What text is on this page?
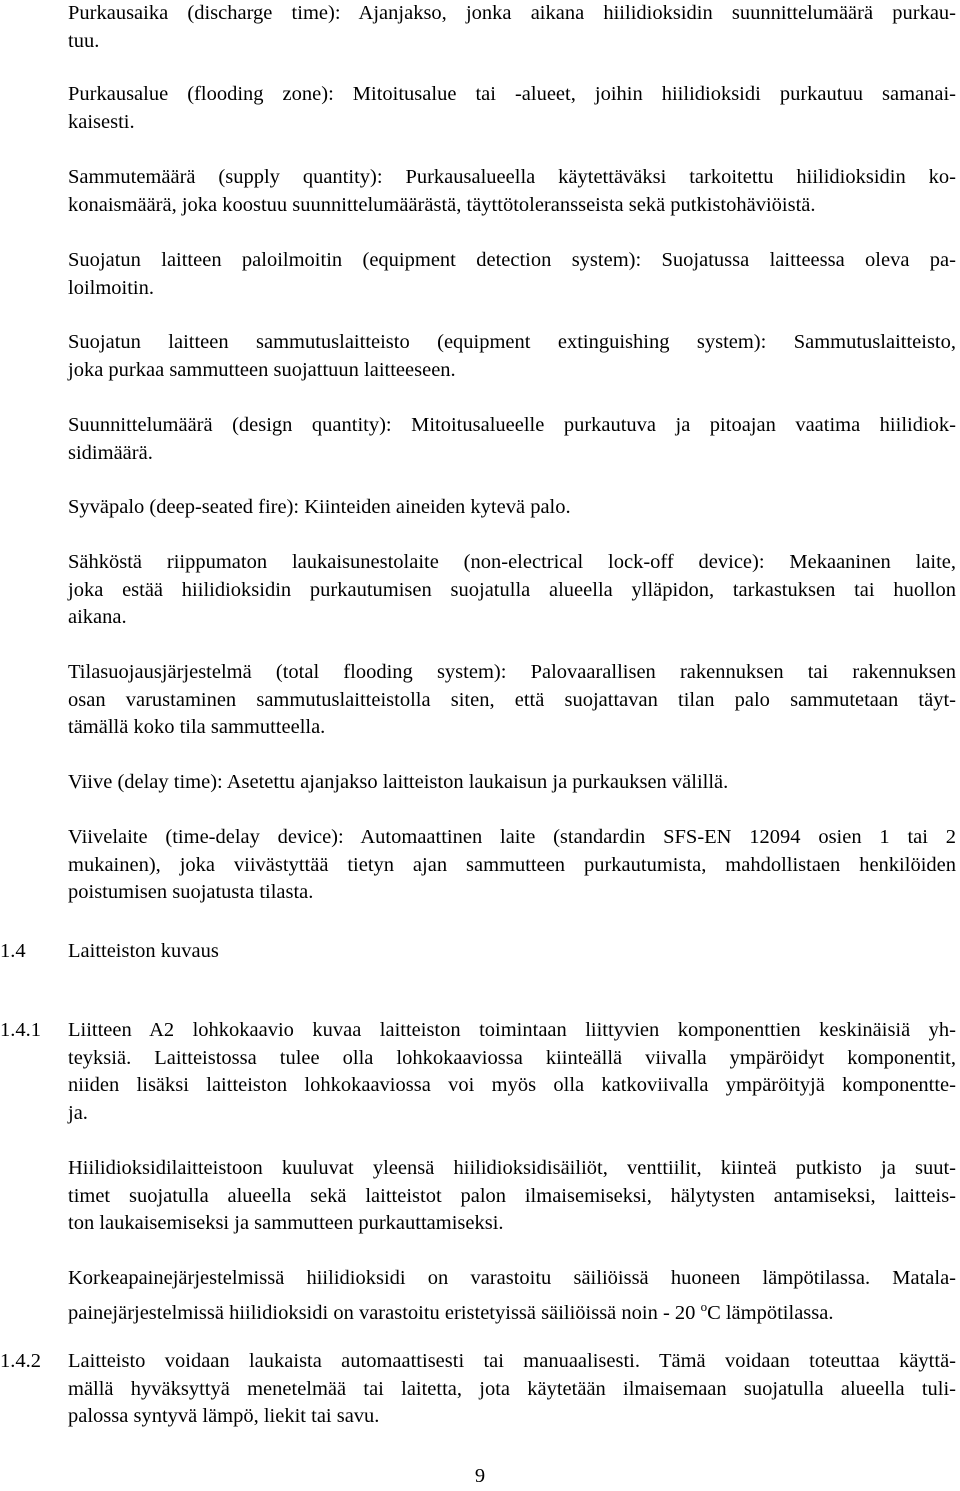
Purkausaika (discharge time): Ajanjakso, jonka aikana hiilidioksidin suunnittelumäärä purkau-
tuu.
Purkausalue (flooding zone): Mitoitusalue tai -alueet, joihin hiilidioksidi purkautuu samanai-
kaisesti.
Sammutemäärä (supply quantity): Purkausalueella käytettäväksi tarkoitettu hiilidioksidin ko-
konaismäärä, joka koostuu suunnittelumäärästä, täyttötoleransseista sekä putkistohäviöistä.
Suojatun laitteen paloilmoitin (equipment detection system): Suojatussa laitteessa oleva pa-
loilmoitin.
Suojatun laitteen sammutuslaitteisto (equipment extinguishing system): Sammutuslaitteisto,
joka purkaa sammutteen suojattuun laitteeseen.
Suunnittelumäärä (design quantity): Mitoitusalueelle purkautuva ja pitoajan vaatima hiilidiok-
sidimäärä.
Syväpalo (deep-seated fire): Kiinteiden aineiden kytevä palo.
Sähköstä riippumaton laukaisunestolaite (non-electrical lock-off device): Mekaaninen laite,
joka estää hiilidioksidin purkautumisen suojatulla alueella ylläpidon, tarkastuksen tai huollon
aikana.
Tilasuojausjärjestelmä (total flooding system): Palovaarallisen rakennuksen tai rakennuksen
osan varustaminen sammutuslaitteistolla siten, että suojattavan tilan palo sammutetaan täyt-
tämällä koko tila sammutteella.
Viive (delay time): Asetettu ajanjakso laitteiston laukaisun ja purkauksen välillä.
Viivelaite (time-delay device): Automaattinen laite (standardin SFS-EN 12094 osien 1 tai 2
mukainen), joka viivästyttää tietyn ajan sammutteen purkautumista, mahdollistaen henkilöiden
poistumisen suojatusta tilasta.
1.4 Laitteiston kuvaus
1.4.1 Liitteen A2 lohkokaavio kuvaa laitteiston toimintaan liittyvien komponenttien keskinäisiä yh-
teyksiä. Laitteistossa tulee olla lohkokaaviossa kiinteällä viivalla ympäröidyt komponentit,
niiden lisäksi laitteiston lohkokaaviossa voi myös olla katkoviivalla ympäröityjä komponentte-
ja.
Hiilidioksidilaitteistoon kuuluvat yleensä hiilidioksidisäiliöt, venttiilit, kiinteä putkisto ja suut-
timet suojatulla alueella sekä laitteistot palon ilmaisemiseksi, hälytysten antamiseksi, laitteis-
ton laukaisemiseksi ja sammutteen purkauttamiseksi.
Korkeapainejärjestelmissä hiilidioksidi on varastoitu säiliöissä huoneen lämpötilassa. Matala-
painejärjestelmissä hiilidioksidi on varastoitu eristetyissä säiliöissä noin - 20 $^o$C lämpötilassa.
1.4.2 Laitteisto voidaan laukaista automaattisesti tai manuaalisesti. Tämä voidaan toteuttaa käyttä-
mällä hyväksyttyä menetelmää tai laitetta, jota käytetään ilmaisemaan suojatulla alueella tuli-
palossa syntyvä lämpö, liekit tai savu.
9
